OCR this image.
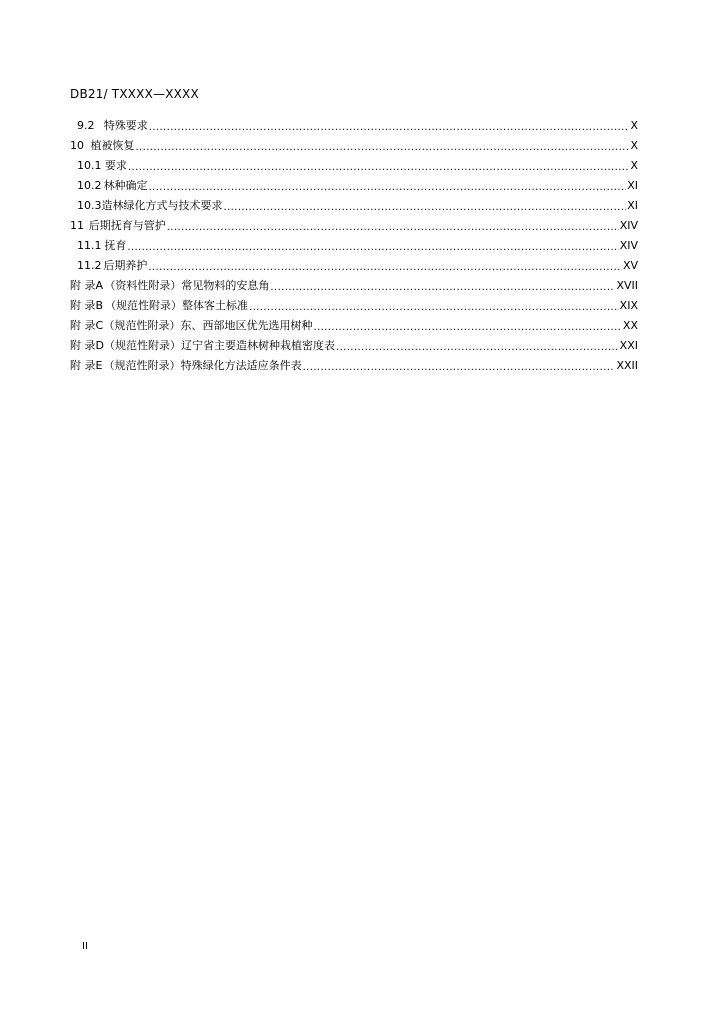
DB21/ TXXXX—XXXX
9.2 特殊要求 .....	X
10 植被恢复 .....	X
10.1 要求 .....	X
10.2 林种确定 .....	XI
10.3 造林绿化方式与技术要求 .....	XI
11 后期抚育与管护 .....	XIV
11.1 抚育 .....	XIV
11.2 后期养护 .....	XV
附 录 A （资料性附录）常见物料的安息角 .....	XVII
附 录 B （规范性附录）整体客土标准 .....	XIX
附 录 C （规范性附录）东、西部地区优先选用树种 .....	XX
附 录 D （规范性附录）辽宁省主要造林树种栽植密度表 .....	XXI
附 录 E （规范性附录）特殊绿化方法适应条件表 .....	XXII
II
